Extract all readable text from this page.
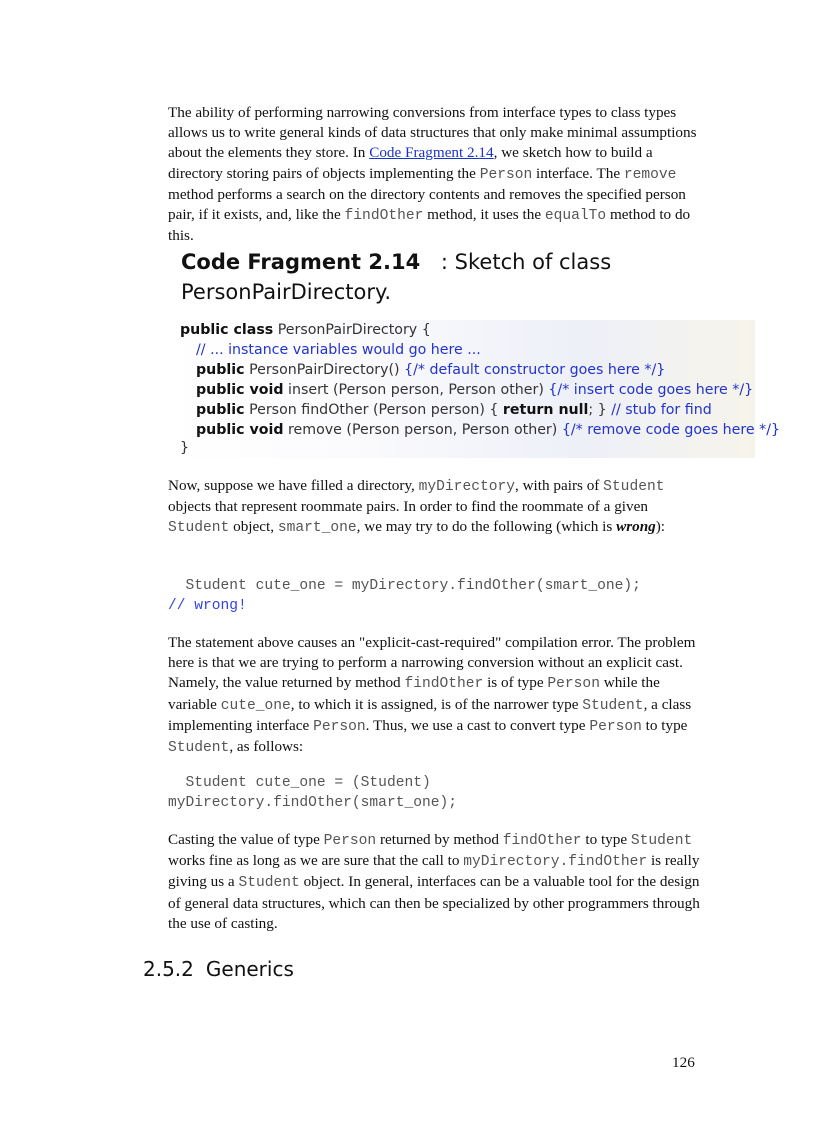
The ability of performing narrowing conversions from interface types to class types allows us to write general kinds of data structures that only make minimal assumptions about the elements they store. In Code Fragment 2.14, we sketch how to build a directory storing pairs of objects implementing the Person interface. The remove method performs a search on the directory contents and removes the specified person pair, if it exists, and, like the findOther method, it uses the equalTo method to do this.
Code Fragment 2.14 : Sketch of class PersonPairDirectory.
public class PersonPairDirectory {
// ... instance variables would go here ...
public PersonPairDirectory() {/* default constructor goes here */}
public void insert (Person person, Person other) {/* insert code goes here */}
public Person findOther (Person person) { return null; } // stub for find
public void remove (Person person, Person other) {/* remove code goes here */}
}
Now, suppose we have filled a directory, myDirectory, with pairs of Student objects that represent roommate pairs. In order to find the roommate of a given Student object, smart_one, we may try to do the following (which is wrong):
Student cute_one = myDirectory.findOther(smart_one);
// wrong!
The statement above causes an "explicit-cast-required" compilation error. The problem here is that we are trying to perform a narrowing conversion without an explicit cast. Namely, the value returned by method findOther is of type Person while the variable cute_one, to which it is assigned, is of the narrower type Student, a class implementing interface Person. Thus, we use a cast to convert type Person to type Student, as follows:
Student cute_one = (Student)
myDirectory.findOther(smart_one);
Casting the value of type Person returned by method findOther to type Student works fine as long as we are sure that the call to myDirectory.findOther is really giving us a Student object. In general, interfaces can be a valuable tool for the design of general data structures, which can then be specialized by other programmers through the use of casting.
2.5.2 Generics
126
